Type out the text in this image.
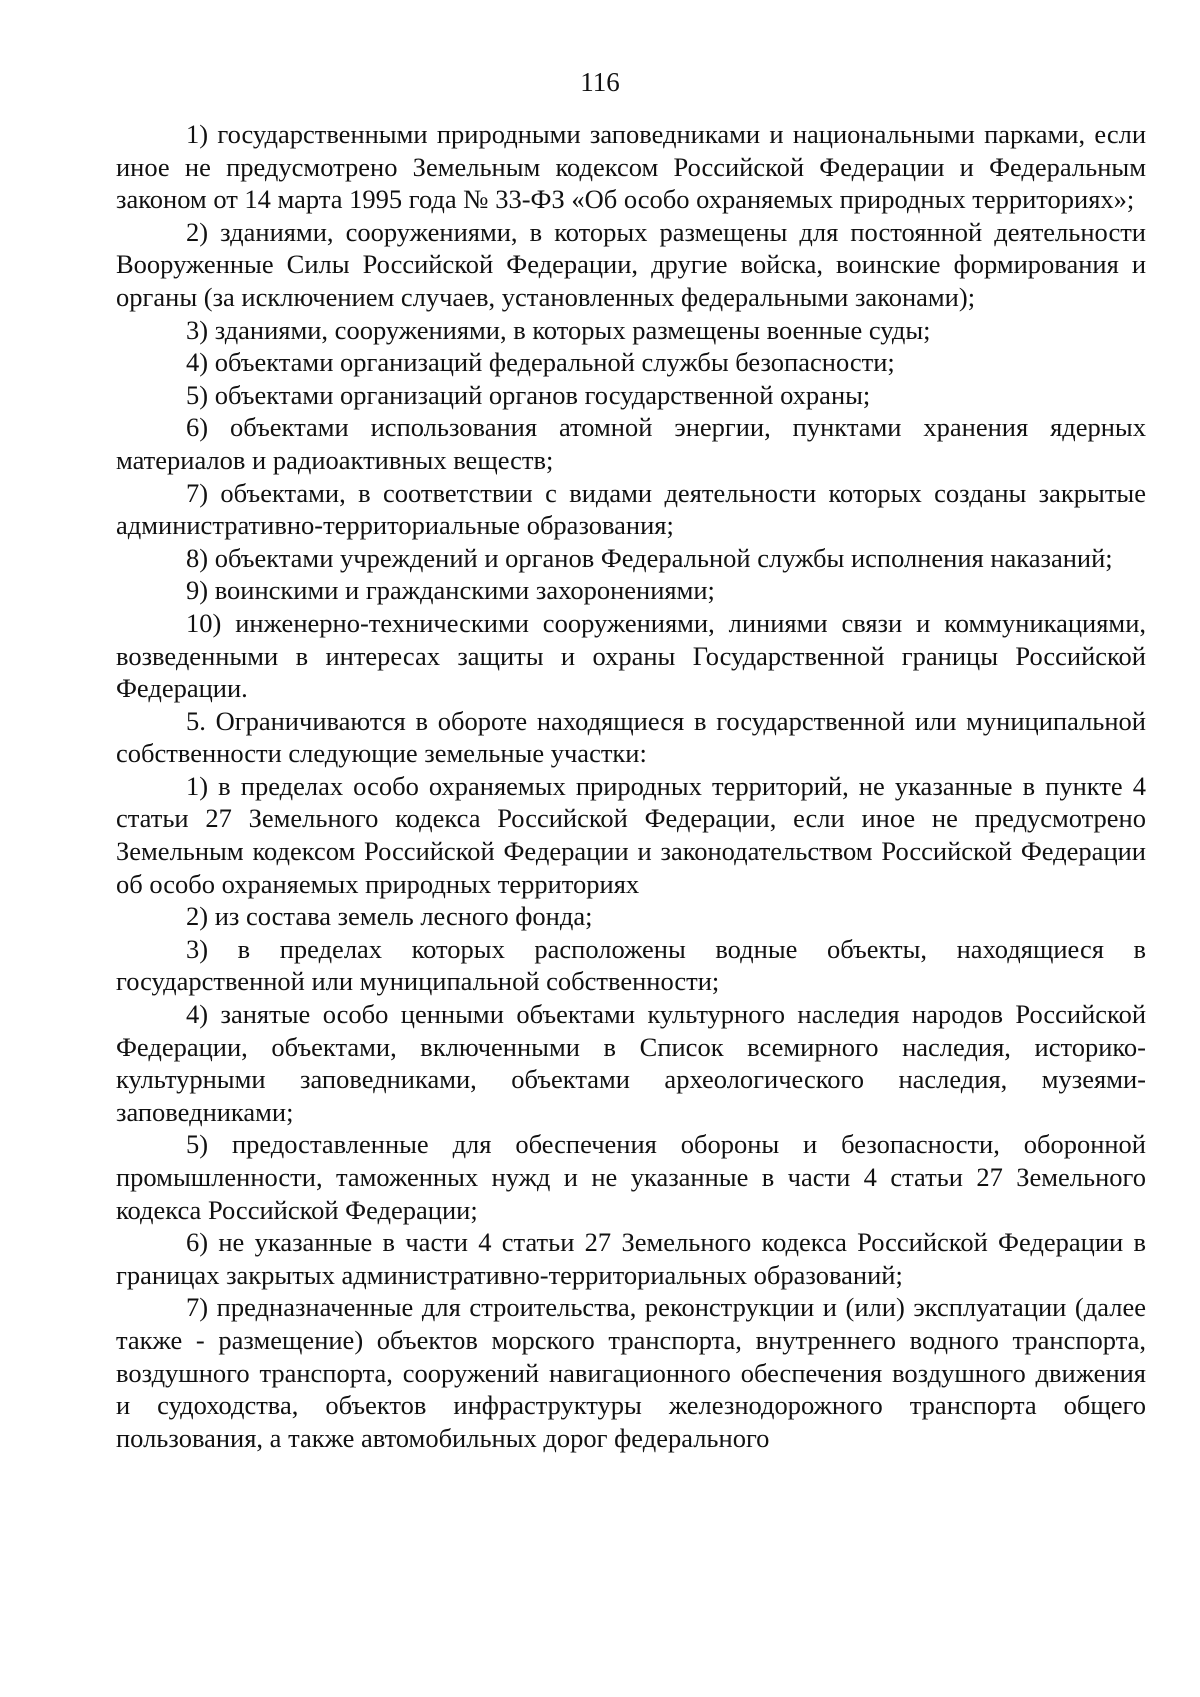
116

1) государственными природными заповедниками и национальными парками, если иное не предусмотрено Земельным кодексом Российской Федерации и Федеральным законом от 14 марта 1995 года № 33-ФЗ «Об особо охраняемых природных территориях»;

2) зданиями, сооружениями, в которых размещены для постоянной деятельности Вооруженные Силы Российской Федерации, другие войска, воинские формирования и органы (за исключением случаев, установленных федеральными законами);

3) зданиями, сооружениями, в которых размещены военные суды;

4) объектами организаций федеральной службы безопасности;

5) объектами организаций органов государственной охраны;

6) объектами использования атомной энергии, пунктами хранения ядерных материалов и радиоактивных веществ;

7) объектами, в соответствии с видами деятельности которых созданы закрытые административно-территориальные образования;

8) объектами учреждений и органов Федеральной службы исполнения наказаний;

9) воинскими и гражданскими захоронениями;

10) инженерно-техническими сооружениями, линиями связи и коммуникациями, возведенными в интересах защиты и охраны Государственной границы Российской Федерации.

5. Ограничиваются в обороте находящиеся в государственной или муниципальной собственности следующие земельные участки:

1) в пределах особо охраняемых природных территорий, не указанные в пункте 4 статьи 27 Земельного кодекса Российской Федерации, если иное не предусмотрено Земельным кодексом Российской Федерации и законодательством Российской Федерации об особо охраняемых природных территориях

2) из состава земель лесного фонда;

3) в пределах которых расположены водные объекты, находящиеся в государственной или муниципальной собственности;

4) занятые особо ценными объектами культурного наследия народов Российской Федерации, объектами, включенными в Список всемирного наследия, историко-культурными заповедниками, объектами археологического наследия, музеями-заповедниками;

5) предоставленные для обеспечения обороны и безопасности, оборонной промышленности, таможенных нужд и не указанные в части 4 статьи 27 Земельного кодекса Российской Федерации;

6) не указанные в части 4 статьи 27 Земельного кодекса Российской Федерации в границах закрытых административно-территориальных образований;

7) предназначенные для строительства, реконструкции и (или) эксплуатации (далее также - размещение) объектов морского транспорта, внутреннего водного транспорта, воздушного транспорта, сооружений навигационного обеспечения воздушного движения и судоходства, объектов инфраструктуры железнодорожного транспорта общего пользования, а также автомобильных дорог федерального
